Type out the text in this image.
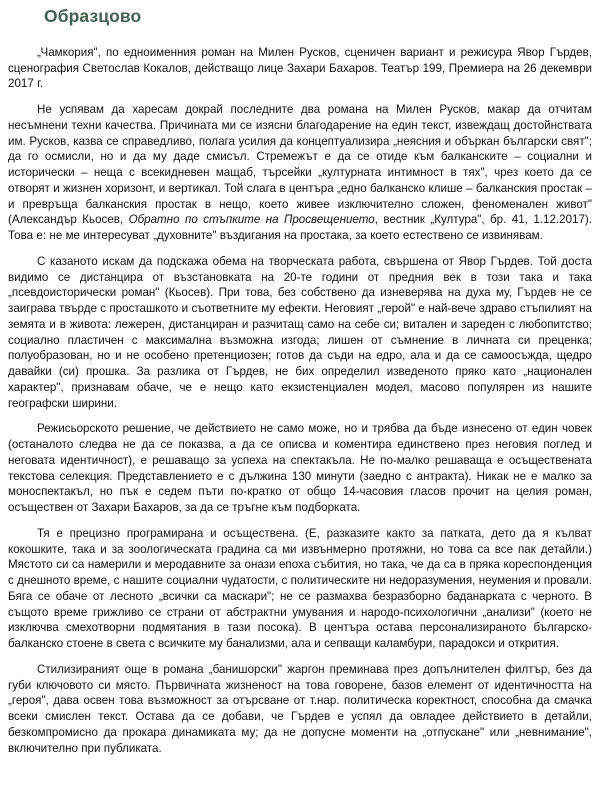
Образцово

„Чамкория", по едноименния роман на Милен Русков, сценичен вариант и режисура Явор Гърдев, сценография Светослав Кокалов, действащо лице Захари Бахаров. Театър 199, Премиера на 26 декември 2017 г.

Не успявам да харесам докрай последните два романа на Милен Русков, макар да отчитам несъмнени техни качества. Причината ми се изясни благодарение на един текст, извеждащ достойнствата им. Русков, казва се справедливо, полага усилия да концептуализира „неясния и объркан български свят"; да го осмисли, но и да му даде смисъл. Стремежът е да се отиде към балканските – социални и исторически – неща с всекидневен мащаб, търсейки „културната интимност в тях", чрез което да се отворят и жизнен хоризонт, и вертикал. Той слага в центъра „едно балканско клише – балканския простак – и превръща балканския простак в нещо, което живее изключително сложен, феноменален живот" (Александър Кьосев, Обратно по стъпките на Просвещението, вестник „Култура", бр. 41, 1.12.2017). Това е: не ме интересуват „духовните" въздигания на простака, за което естествено се извинявам.

С казаното искам да подскажа обема на творческата работа, свършена от Явор Гърдев. Той доста видимо се дистанцира от възстановката на 20-те години от предния век в този така и така „псевдоисторически роман" (Кьосев). При това, без собствено да изневерява на духа му, Гърдев не се заиграва твърде с просташкото и съответните му ефекти. Неговият „герой" е най-вече здраво стъпилият на земята и в живота: лежерен, дистанциран и разчитащ само на себе си; витален и зареден с любопитство; социално пластичен с максимална възможна изгода; лишен от съмнение в личната си преценка; полуобразован, но и не особено претенциозен; готов да съди на едро, ала и да се самоосъжда, щедро давайки (си) прошка. За разлика от Гърдев, не бих определил изведеното пряко като „национален характер", признавам обаче, че е нещо като екзистенциален модел, масово популярен из нашите географски ширини.

Режисьорското решение, че действието не само може, но и трябва да бъде изнесено от един човек (останалото следва не да се показва, а да се описва и коментира единствено през неговия поглед и неговата идентичност), е решаващо за успеха на спектакъла. Не по-малко решаваща е осъществената текстова селекция. Представлението е с дължина 130 минути (заедно с антракта). Никак не е малко за моноспектакъл, но пък е седем пъти по-кратко от общо 14-часовия гласов прочит на целия роман, осъществен от Захари Бахаров, за да се тръгне към подборката.

Тя е прецизно програмирана и осъществена. (Е, разказите както за патката, дето да я кълват кокошките, така и за зоологическата градина са ми извънмерно протяжни, но това са все пак детайли.) Мястото си са намерили и меродавните за онази епоха събития, но така, че да са в пряка кореспонденция с днешното време, с нашите социални чудатости, с политическите ни недоразумения, неумения и провали. Бяга се обаче от лесното „всички са маскари"; не се размахва безразборно баданарката с черното. В същото време грижливо се страни от абстрактни умувания и народо-психологични „анализи" (което не изключва смехотворни подмятания в тази посока). В центъра остава персонализираното българско-балканско стоене в света с всичките му банализми, ала и сепващи каламбури, парадокси и открития.

Стилизираният още в романа „банишорски" жаргон преминава през допълнителен филтър, без да губи ключовото си място. Първичната жизненост на това говорене, базов елемент от идентичността на „героя", дава освен това възможност за отърсване от т.нар. политическа коректност, способна да смачка всеки смислен текст. Остава да се добави, че Гърдев е успял да овладее действието в детайли, безкомпромисно да прокара динамиката му; да не допусне моменти на „отпускане" или „невнимание", включително при публиката.
